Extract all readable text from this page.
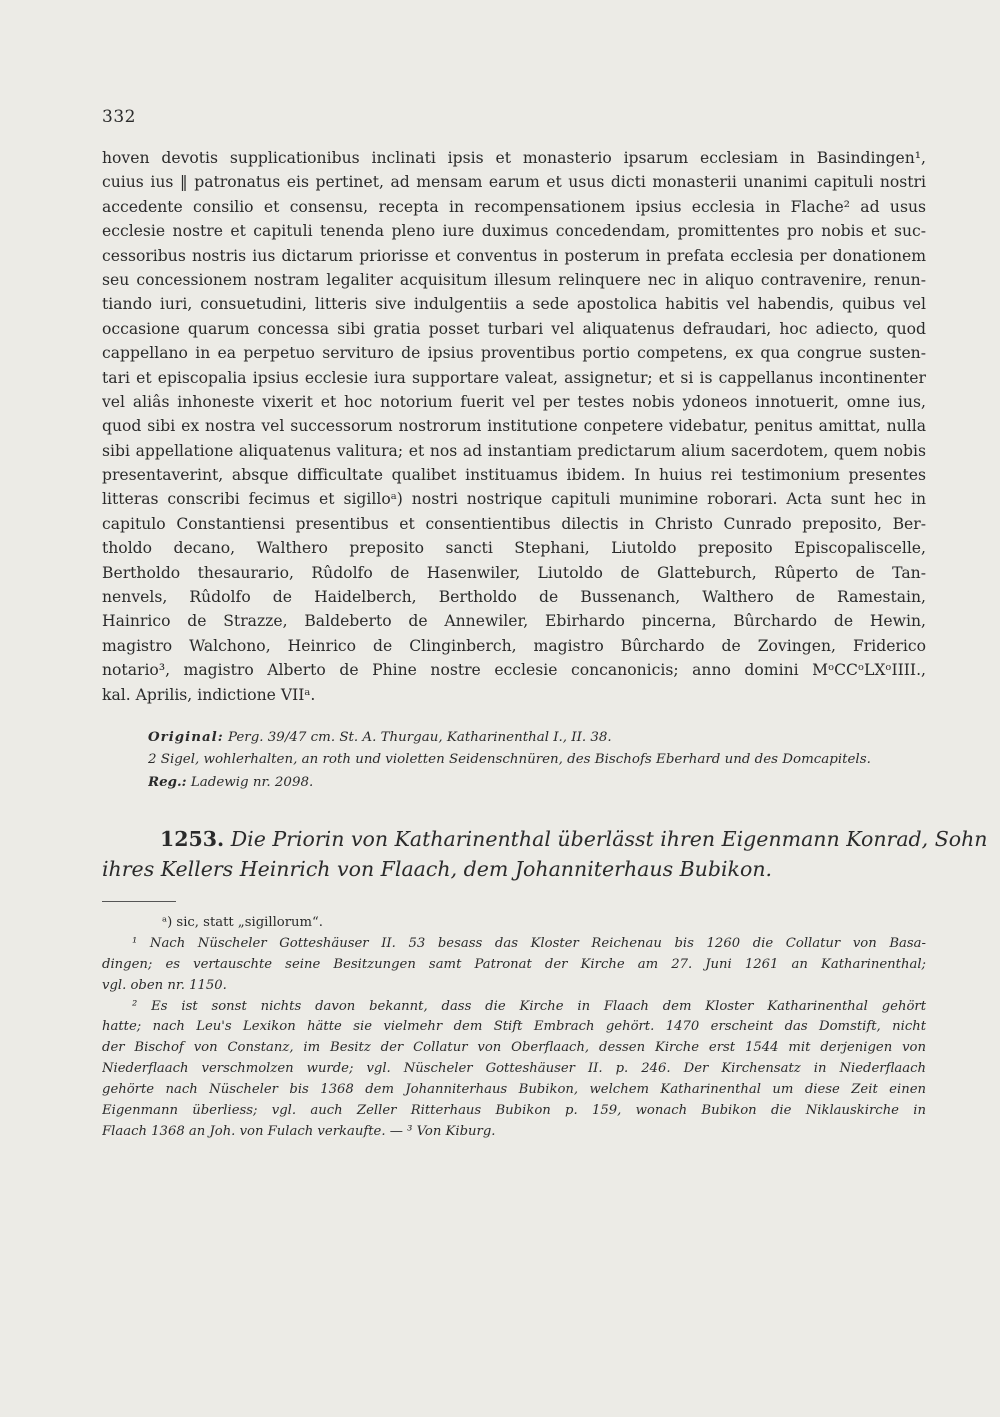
332
hoven devotis supplicationibus inclinati ipsis et monasterio ipsarum ecclesiam in Basindingen¹,
cuius ius ‖ patronatus eis pertinet, ad mensam earum et usus dicti monasterii unanimi capituli nostri
accedente consilio et consensu, recepta in recompensationem ipsius ecclesia in Flache² ad usus
ecclesie nostre et capituli tenenda pleno iure duximus concedendam, promittentes pro nobis et suc-
cessoribus nostris ius dictarum priorisse et conventus in posterum in prefata ecclesia per donationem
seu concessionem nostram legaliter acquisitum illesum relinquere nec in aliquo contravenire, renun-
tiando iuri, consuetudini, litteris sive indulgentiis a sede apostolica habitis vel habendis, quibus vel
occasione quarum concessa sibi gratia posset turbari vel aliquatenus defraudari, hoc adiecto, quod
cappellano in ea perpetuo servituro de ipsius proventibus portio competens, ex qua congrue susten-
tari et episcopalia ipsius ecclesie iura supportare valeat, assignetur; et si is cappellanus incontinenter
vel aliâs inhoneste vixerit et hoc notorium fuerit vel per testes nobis ydoneos innotuerit, omne ius,
quod sibi ex nostra vel successorum nostrorum institutione conpetere videbatur, penitus amittat, nulla
sibi appellatione aliquatenus valitura; et nos ad instantiam predictarum alium sacerdotem, quem nobis
presentaverint, absque difficultate qualibet instituamus ibidem. In huius rei testimonium presentes
litteras conscribi fecimus et sigilloᵃ) nostri nostrique capituli munimine roborari. Acta sunt hec in
capitulo Constantiensi presentibus et consentientibus dilectis in Christo Cunrado preposito, Ber-
tholdo decano, Walthero preposito sancti Stephani, Liutoldo preposito Episcopaliscelle,
Bertholdo thesaurario, Rûdolfo de Hasenwiler, Liutoldo de Glatteburch, Rûperto de Tan-
nenvels, Rûdolfo de Haidelberch, Bertholdo de Bussenanch, Walthero de Ramestain,
Hainrico de Strazze, Baldeberto de Annewiler, Ebirhardo pincerna, Bûrchardo de Hewin,
magistro Walchono, Heinrico de Clinginberch, magistro Bûrchardo de Zovingen, Friderico
notario³, magistro Alberto de Phine nostre ecclesie concanonicis; anno domini MᵒCCᵒLXᵒIIII.,
kal. Aprilis, indictione VIIᵃ.
Original: Perg. 39/47 cm. St. A. Thurgau, Katharinenthal I., II. 38.
2 Sigel, wohlerhalten, an roth und violetten Seidenschnüren, des Bischofs Eberhard und des Domcapitels.
Reg.: Ladewig nr. 2098.
1253. Die Priorin von Katharinenthal überlässt ihren Eigenmann Konrad, Sohn
ihres Kellers Heinrich von Flaach, dem Johanniterhaus Bubikon.
ᵃ) sic, statt „sigillorum“.
¹ Nach Nüscheler Gotteshäuser II. 53 besass das Kloster Reichenau bis 1260 die Collatur von Basa-
dingen; es vertauschte seine Besitzungen samt Patronat der Kirche am 27. Juni 1261 an Katharinenthal;
vgl. oben nr. 1150.
² Es ist sonst nichts davon bekannt, dass die Kirche in Flaach dem Kloster Katharinenthal gehört
hatte; nach Leu's Lexikon hätte sie vielmehr dem Stift Embrach gehört. 1470 erscheint das Domstift, nicht
der Bischof von Constanz, im Besitz der Collatur von Oberflaach, dessen Kirche erst 1544 mit derjenigen von
Niederflaach verschmolzen wurde; vgl. Nüscheler Gotteshäuser II. p. 246. Der Kirchensatz in Niederflaach
gehörte nach Nüscheler bis 1368 dem Johanniterhaus Bubikon, welchem Katharinenthal um diese Zeit einen
Eigenmann überliess; vgl. auch Zeller Ritterhaus Bubikon p. 159, wonach Bubikon die Niklauskirche in
Flaach 1368 an Joh. von Fulach verkaufte. — ³ Von Kiburg.
